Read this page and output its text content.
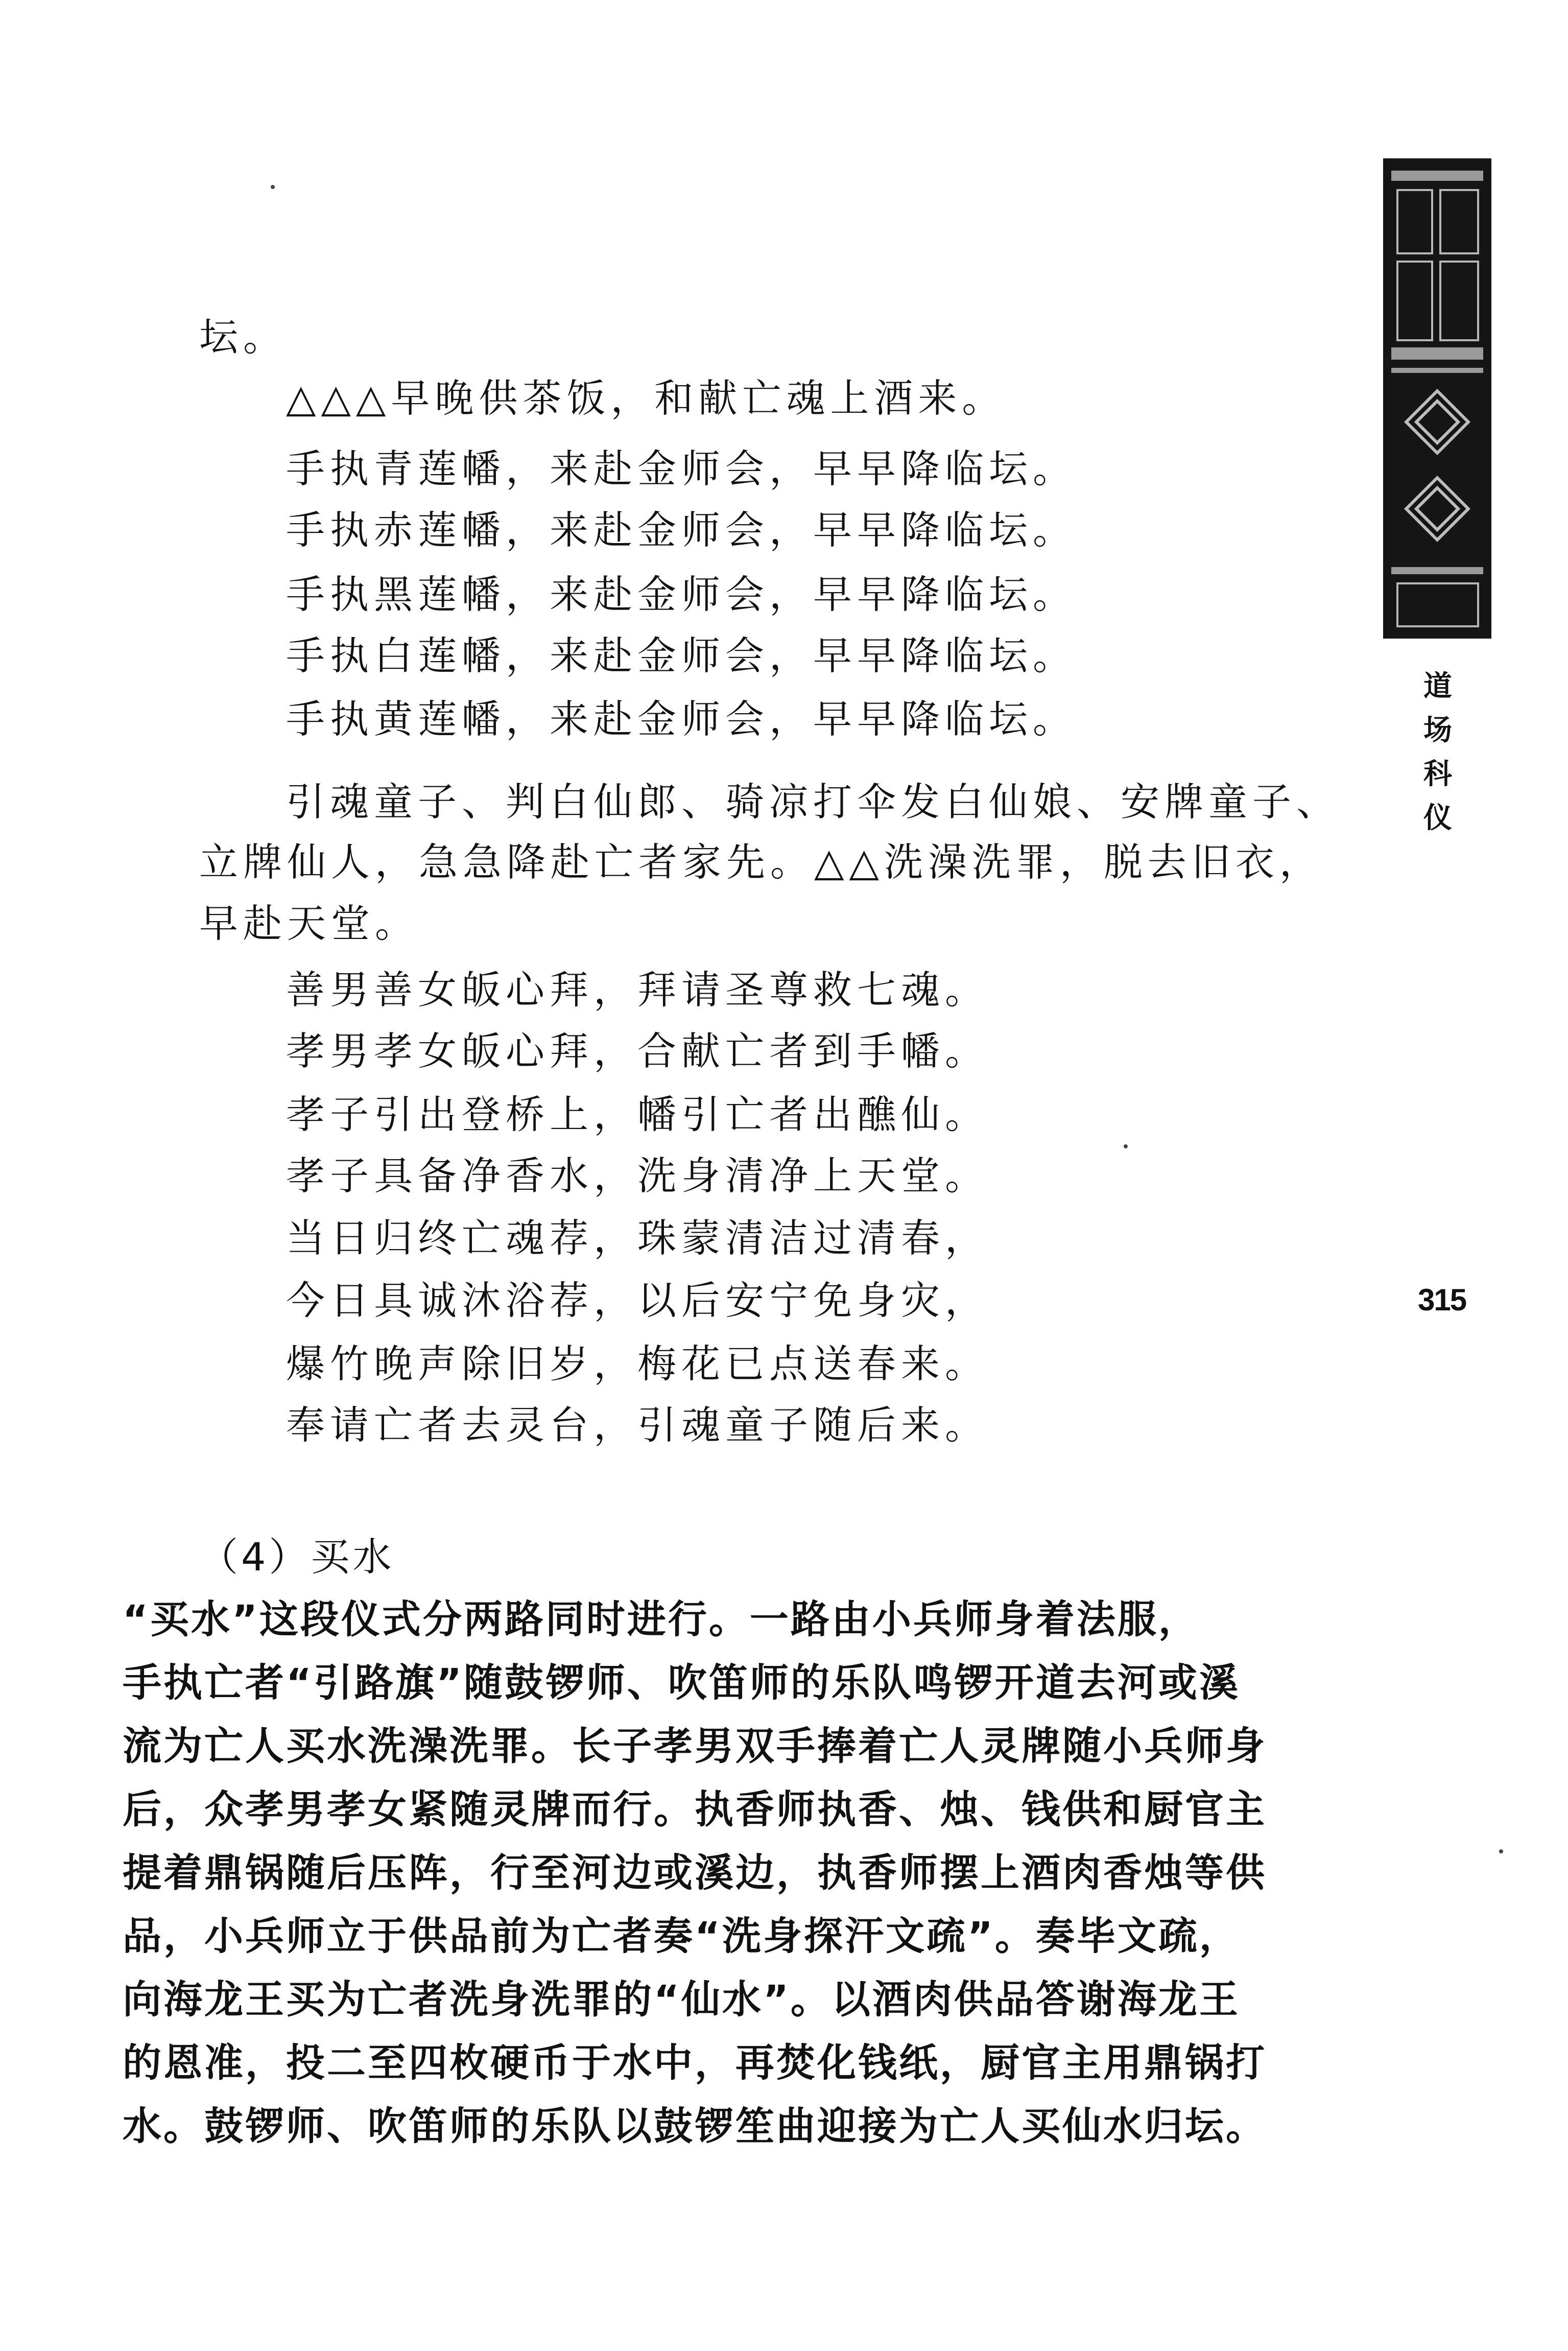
道场科仪
315
坛。
△△△早晚供茶饭，和献亡魂上酒来。
手执青莲幡，来赴金师会，早早降临坛。
手执赤莲幡，来赴金师会，早早降临坛。
手执黑莲幡，来赴金师会，早早降临坛。
手执白莲幡，来赴金师会，早早降临坛。
手执黄莲幡，来赴金师会，早早降临坛。
引魂童子、判白仙郎、骑凉打伞发白仙娘、安牌童子、
立牌仙人，急急降赴亡者家先。△△洗澡洗罪，脱去旧衣，
早赴天堂。
善男善女皈心拜，拜请圣尊救七魂。
孝男孝女皈心拜，合献亡者到手幡。
孝子引出登桥上，幡引亡者出醮仙。
孝子具备净香水，洗身清净上天堂。
当日归终亡魂荐，珠蒙清洁过清春，
今日具诚沐浴荐，以后安宁免身灾，
爆竹晚声除旧岁，梅花已点送春来。
奉请亡者去灵台，引魂童子随后来。
（4）买水
“买水”这段仪式分两路同时进行。一路由小兵师身着法服，
手执亡者“引路旗”随鼓锣师、吹笛师的乐队鸣锣开道去河或溪
流为亡人买水洗澡洗罪。长子孝男双手捧着亡人灵牌随小兵师身
后，众孝男孝女紧随灵牌而行。执香师执香、烛、钱供和厨官主
提着鼎锅随后压阵，行至河边或溪边，执香师摆上酒肉香烛等供
品，小兵师立于供品前为亡者奏“洗身探汗文疏”。奏毕文疏，
向海龙王买为亡者洗身洗罪的“仙水”。以酒肉供品答谢海龙王
的恩准，投二至四枚硬币于水中，再焚化钱纸，厨官主用鼎锅打
水。鼓锣师、吹笛师的乐队以鼓锣笙曲迎接为亡人买仙水归坛。
